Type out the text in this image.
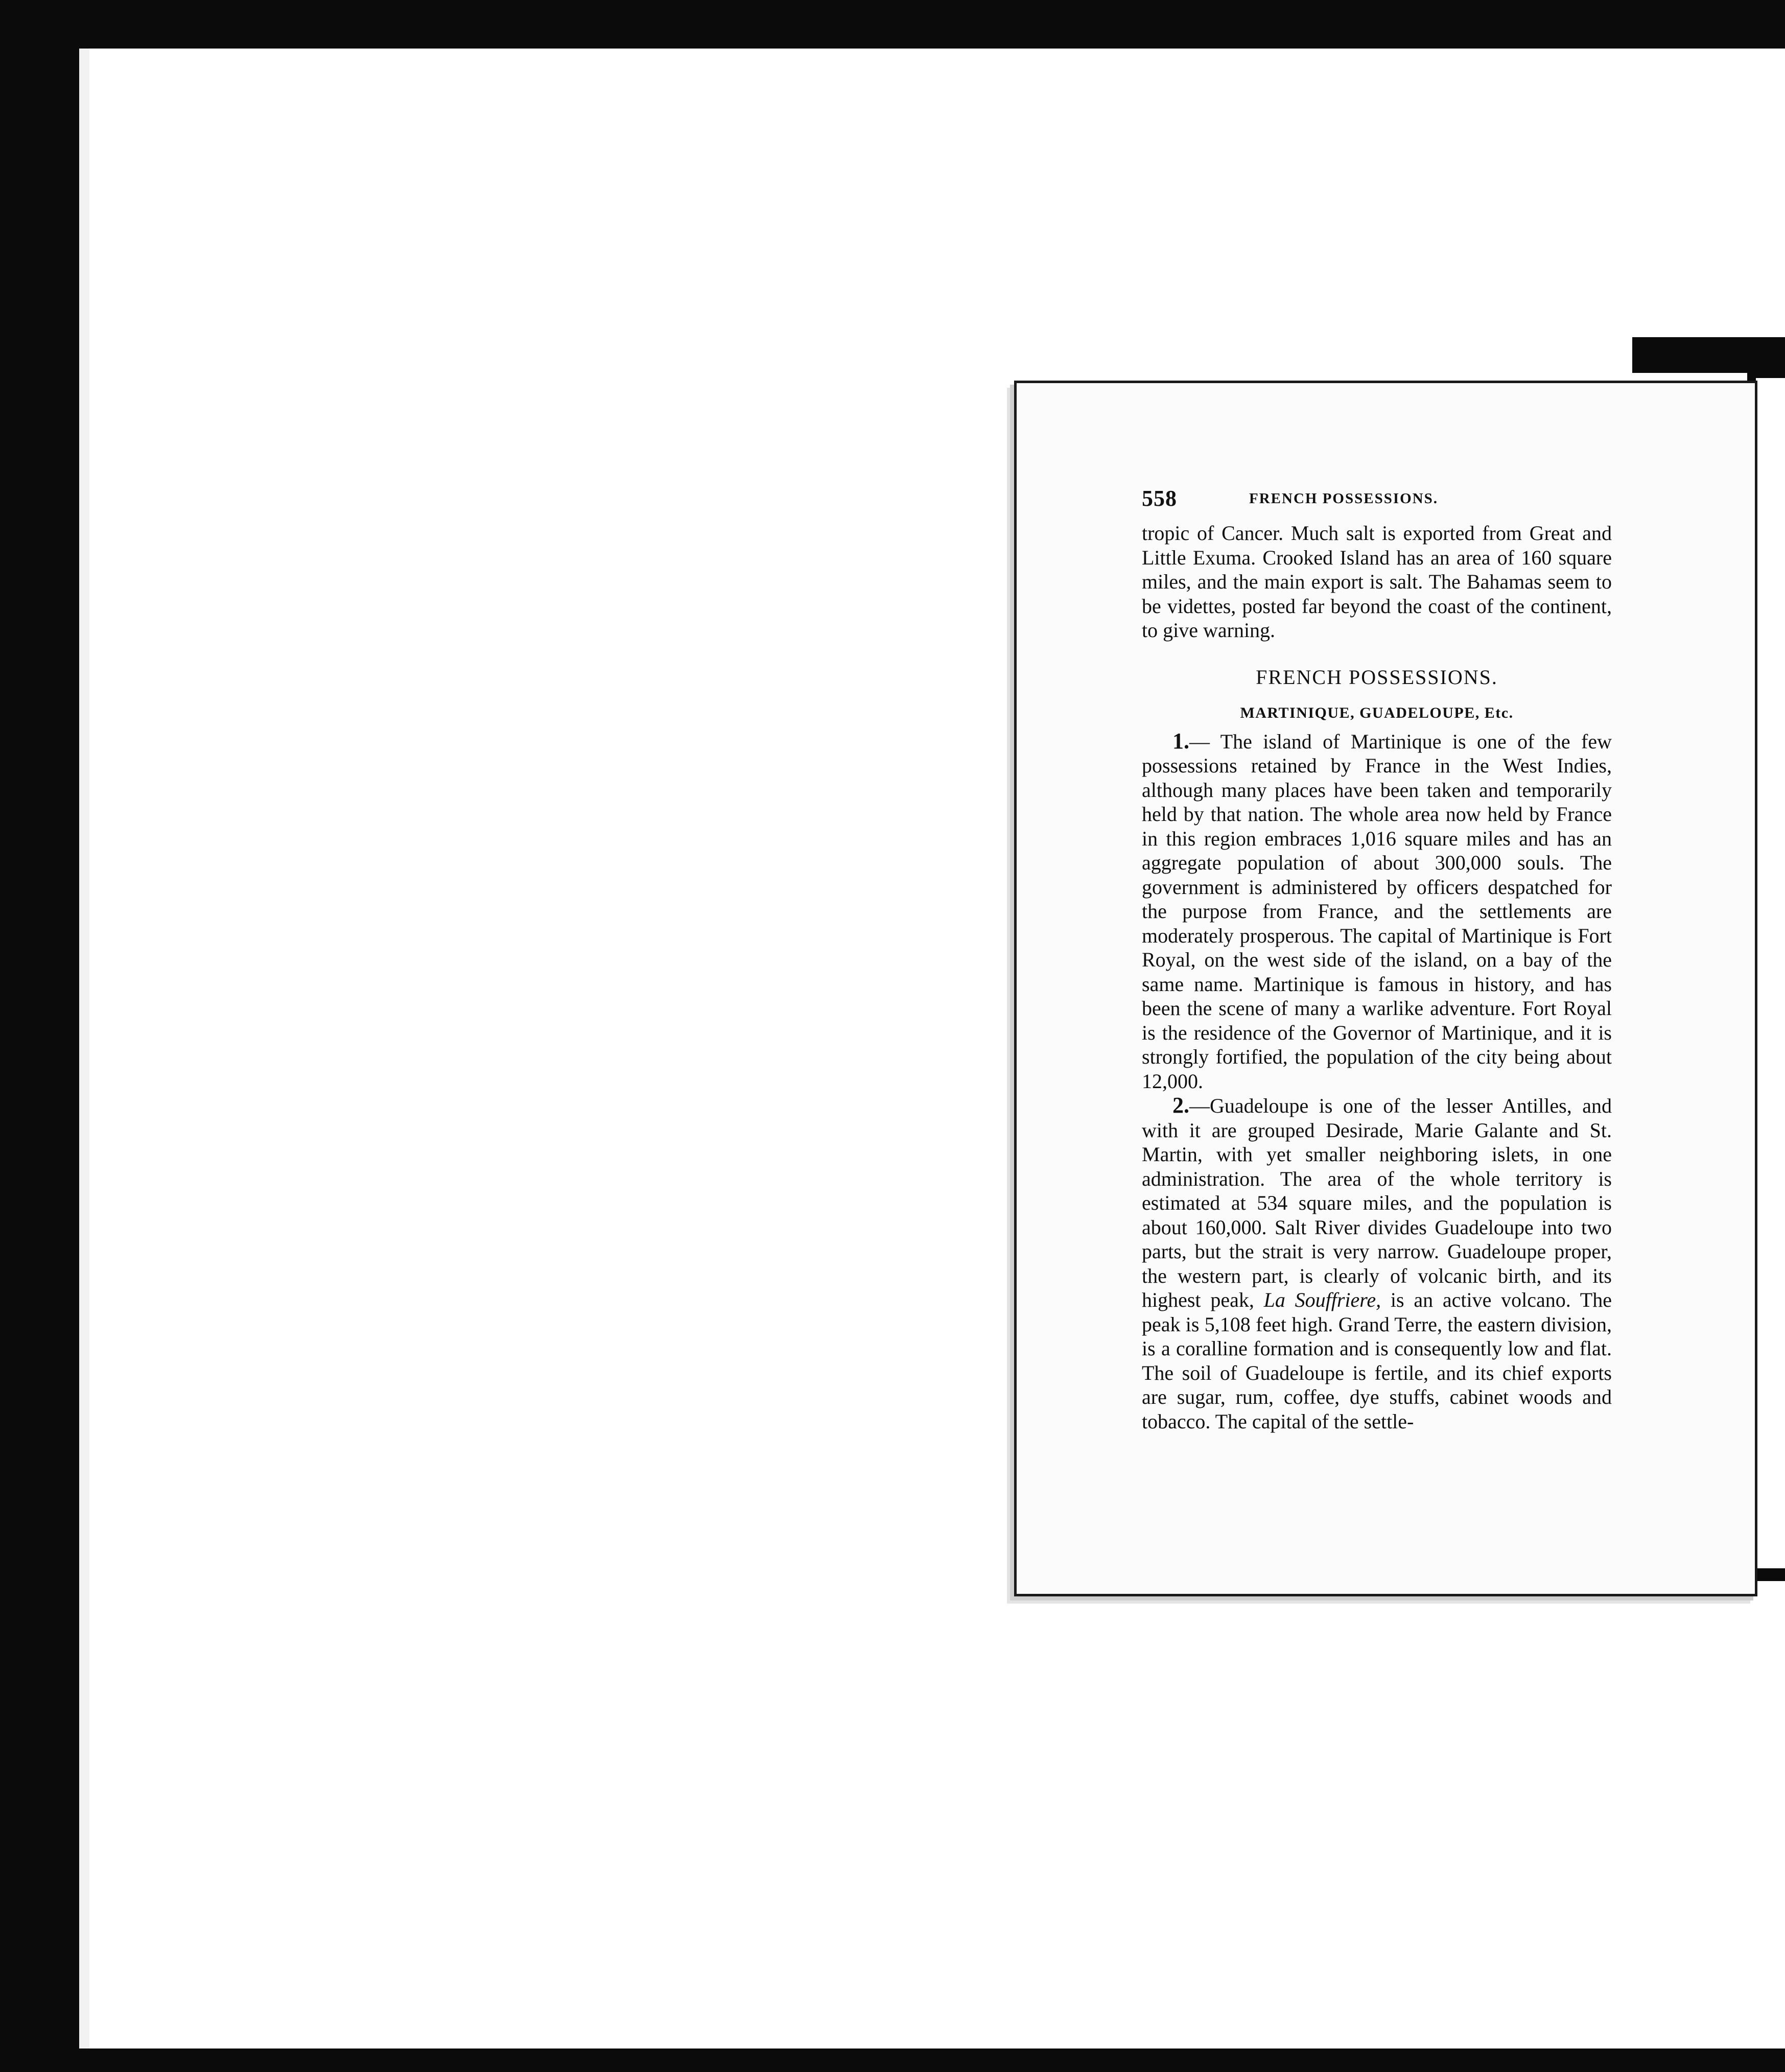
558	FRENCH POSSESSIONS.

tropic of Cancer. Much salt is exported from Great and Little Exuma. Crooked Island has an area of 160 square miles, and the main export is salt. The Bahamas seem to be videttes, posted far beyond the coast of the continent, to give warning.

FRENCH POSSESSIONS.
MARTINIQUE, GUADELOUPE, Etc.

1.— The island of Martinique is one of the few possessions retained by France in the West Indies, although many places have been taken and temporarily held by that nation. The whole area now held by France in this region embraces 1,016 square miles and has an aggregate population of about 300,000 souls. The government is administered by officers despatched for the purpose from France, and the settlements are moderately prosperous. The capital of Martinique is Fort Royal, on the west side of the island, on a bay of the same name. Martinique is famous in history, and has been the scene of many a warlike adventure. Fort Royal is the residence of the Governor of Martinique, and it is strongly fortified, the population of the city being about 12,000.

2.—Guadeloupe is one of the lesser Antilles, and with it are grouped Desirade, Marie Galante and St. Martin, with yet smaller neighboring islets, in one administration. The area of the whole territory is estimated at 534 square miles, and the population is about 160,000. Salt River divides Guadeloupe into two parts, but the strait is very narrow. Guadeloupe proper, the western part, is clearly of volcanic birth, and its highest peak, La Souffriere, is an active volcano. The peak is 5,108 feet high. Grand Terre, the eastern division, is a coralline formation and is consequently low and flat. The soil of Guadeloupe is fertile, and its chief exports are sugar, rum, coffee, dye stuffs, cabinet woods and tobacco. The capital of the settle-
